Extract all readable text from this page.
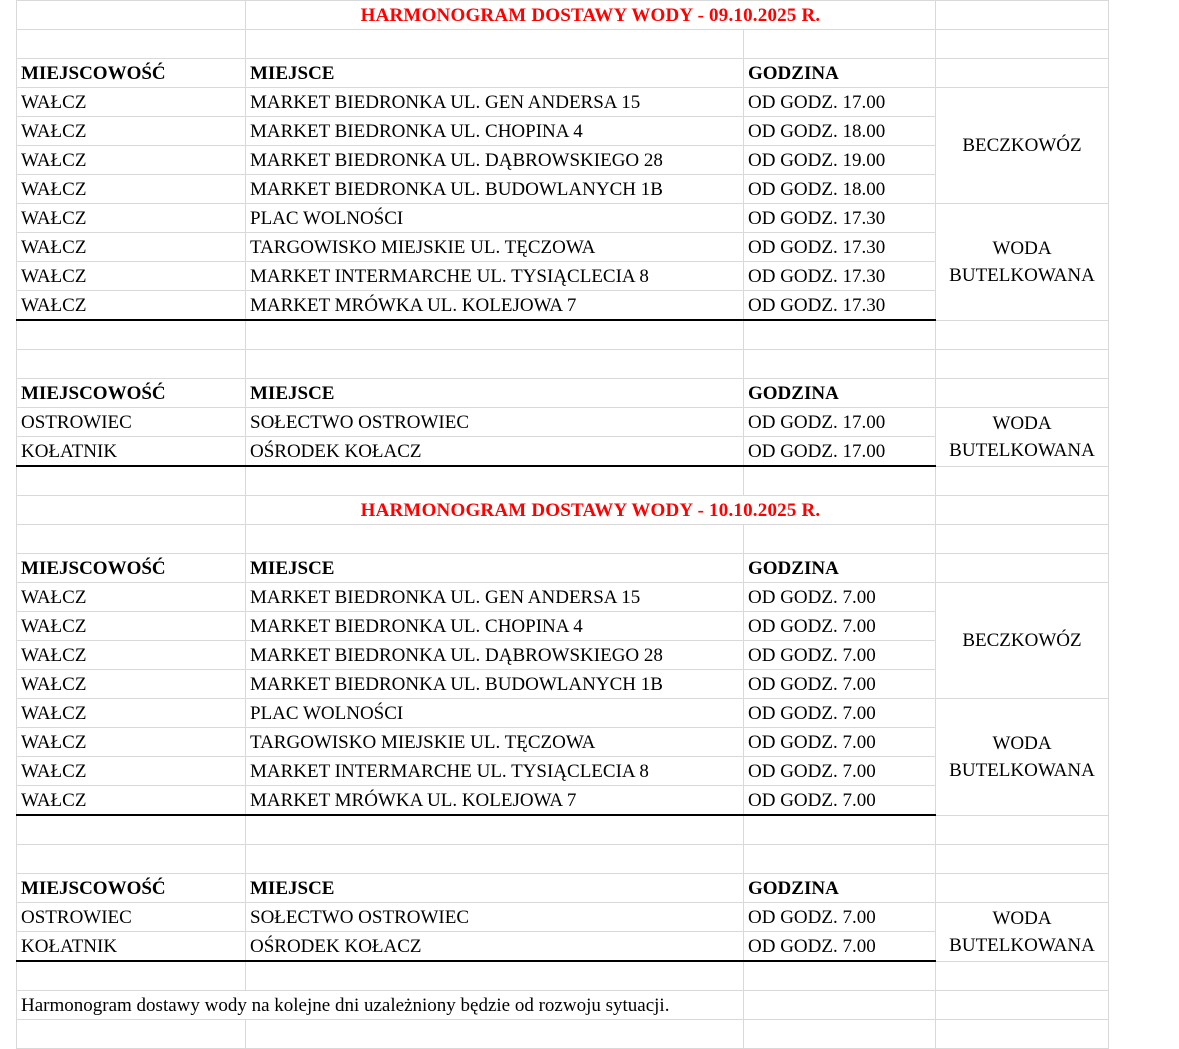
	HARMONOGRAM DOSTAWY WODY - 09.10.2025 R.		

MIEJSCOWOŚĆ	MIEJSCE	GODZINA	
WAŁCZ	MARKET BIEDRONKA UL. GEN ANDERSA 15	OD GODZ. 17.00	BECZKOWÓZ
WAŁCZ	MARKET BIEDRONKA UL. CHOPINA 4	OD GODZ. 18.00	
WAŁCZ	MARKET BIEDRONKA UL. DĄBROWSKIEGO 28	OD GODZ. 19.00	
WAŁCZ	MARKET BIEDRONKA UL. BUDOWLANYCH 1B	OD GODZ. 18.00	
WAŁCZ	PLAC WOLNOŚCI	OD GODZ. 17.30	WODA
BUTELKOWANA

WAŁCZ	TARGOWISKO MIEJSKIE UL. TĘCZOWA	OD GODZ. 17.30	
WAŁCZ	MARKET INTERMARCHE UL. TYSIĄCLECIA 8	OD GODZ. 17.30	
WAŁCZ	MARKET MRÓWKA UL. KOLEJOWA 7	OD GODZ. 17.30	

MIEJSCOWOŚĆ	MIEJSCE	GODZINA	
OSTROWIEC	SOŁECTWO OSTROWIEC	OD GODZ. 17.00	WODA
BUTELKOWANA

KOŁATNIK	OŚRODEK KOŁACZ	OD GODZ. 17.00	

	HARMONOGRAM DOSTAWY WODY - 10.10.2025 R.		

MIEJSCOWOŚĆ	MIEJSCE	GODZINA	
WAŁCZ	MARKET BIEDRONKA UL. GEN ANDERSA 15	OD GODZ. 7.00	BECZKOWÓZ
WAŁCZ	MARKET BIEDRONKA UL. CHOPINA 4	OD GODZ. 7.00	
WAŁCZ	MARKET BIEDRONKA UL. DĄBROWSKIEGO 28	OD GODZ. 7.00	
WAŁCZ	MARKET BIEDRONKA UL. BUDOWLANYCH 1B	OD GODZ. 7.00	
WAŁCZ	PLAC WOLNOŚCI	OD GODZ. 7.00	WODA
BUTELKOWANA

WAŁCZ	TARGOWISKO MIEJSKIE UL. TĘCZOWA	OD GODZ. 7.00	
WAŁCZ	MARKET INTERMARCHE UL. TYSIĄCLECIA 8	OD GODZ. 7.00	
WAŁCZ	MARKET MRÓWKA UL. KOLEJOWA 7	OD GODZ. 7.00	

MIEJSCOWOŚĆ	MIEJSCE	GODZINA	
OSTROWIEC	SOŁECTWO OSTROWIEC	OD GODZ. 7.00	WODA
BUTELKOWANA

KOŁATNIK	OŚRODEK KOŁACZ	OD GODZ. 7.00	

Harmonogram dostawy wody na kolejne dni uzależniony będzie od rozwoju sytuacji.			
